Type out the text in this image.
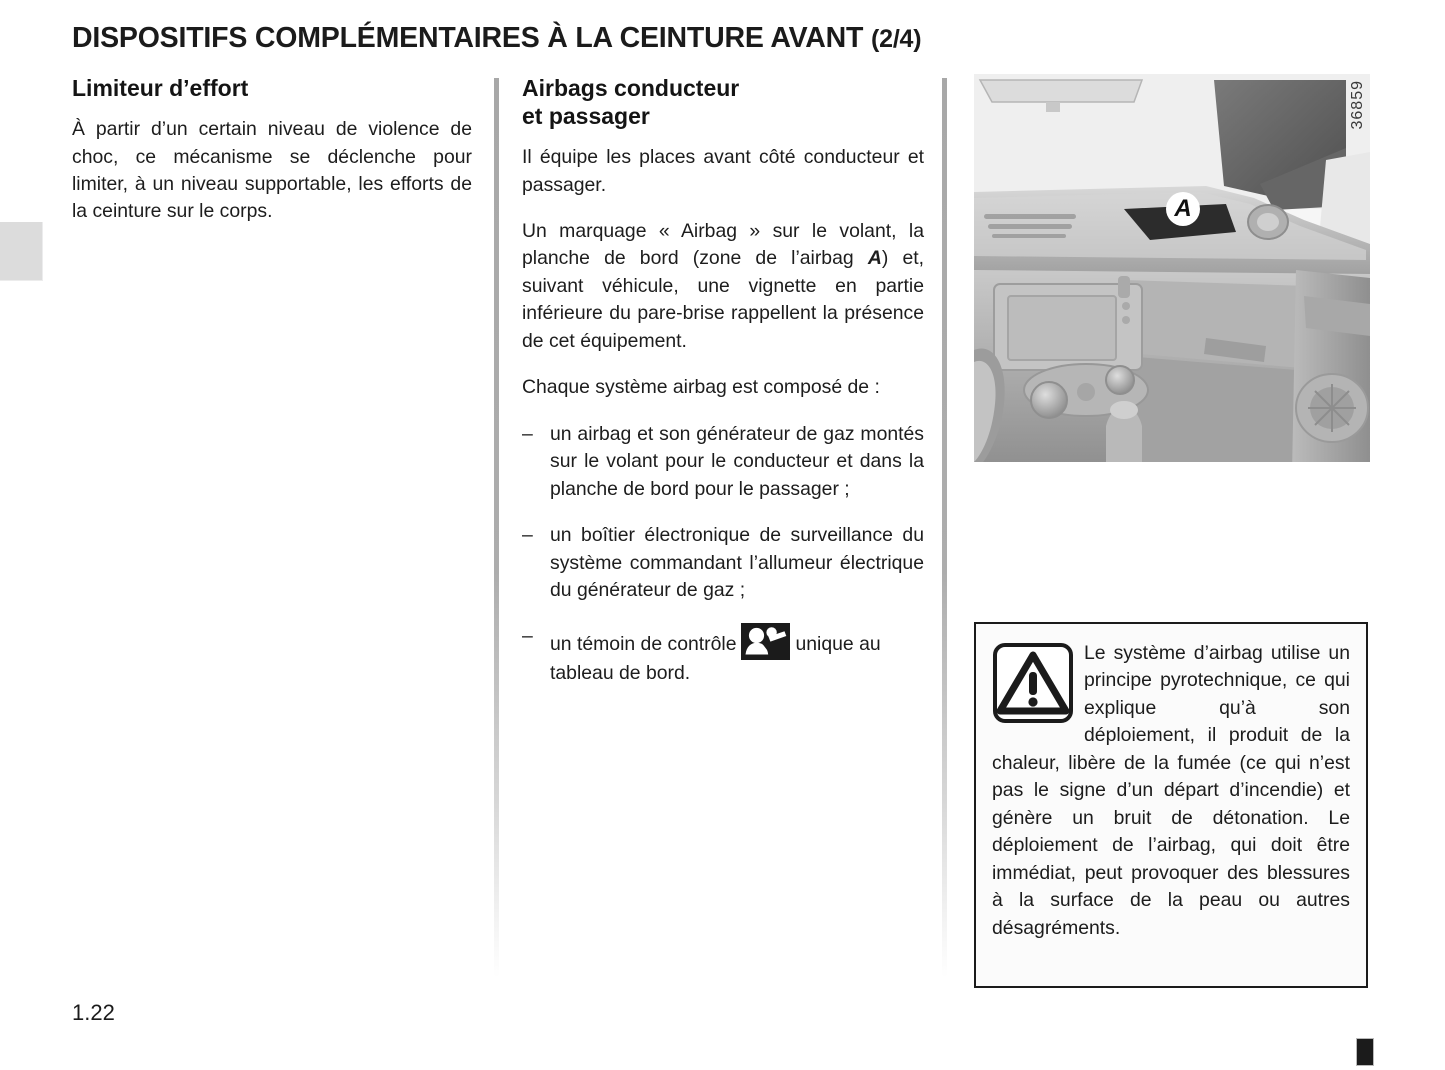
DISPOSITIFS COMPLÉMENTAIRES À LA CEINTURE AVANT (2/4)
Limiteur d’effort

À partir d’un certain niveau de violence de choc, ce mécanisme se déclenche pour limiter, à un niveau supportable, les efforts de la ceinture sur le corps.

Airbags conducteur
et passager

Il équipe les places avant côté conducteur et passager.

Un marquage « Airbag » sur le volant, la planche de bord (zone de l’airbag A) et, suivant véhicule, une vignette en partie inférieure du pare-brise rappellent la présence de cet équipement.

Chaque système airbag est composé de :

– un airbag et son générateur de gaz montés sur le volant pour le conducteur et dans la planche de bord pour le passager ;
– un boîtier électronique de surveillance du système commandant l’allumeur électrique du générateur de gaz ;
– un témoin de contrôle	unique au tableau de bord.
A
36859

Le système d’airbag utilise un principe pyrotechnique, ce qui explique qu’à son déploiement, il produit de la chaleur, libère de la fumée (ce qui n’est pas le signe d’un départ d’incendie) et génère un bruit de détonation. Le déploiement de l’airbag, qui doit être immédiat, peut provoquer des blessures à la surface de la peau ou autres désagréments.

1.22
